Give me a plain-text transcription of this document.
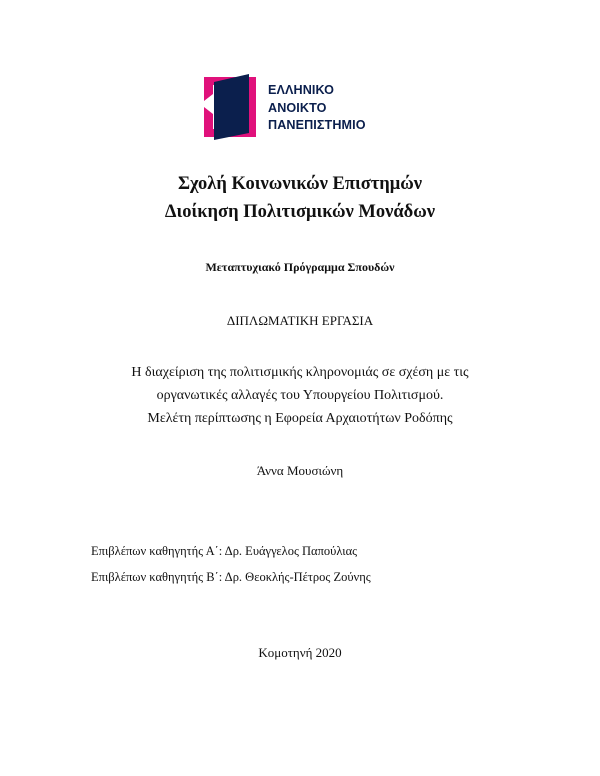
ΕΛΛΗΝΙΚΟ
ΑΝΟΙΚΤΟ
ΠΑΝΕΠΙΣΤΗΜΙΟ
Σχολή Κοινωνικών Επιστημών
Διοίκηση Πολιτισμικών Μονάδων
Μεταπτυχιακό Πρόγραμμα Σπουδών
ΔΙΠΛΩΜΑΤΙΚΗ ΕΡΓΑΣΙΑ
Η διαχείριση της πολιτισμικής κληρονομιάς σε σχέση με τις
οργανωτικές αλλαγές του Υπουργείου Πολιτισμού.
Μελέτη περίπτωσης η Εφορεία Αρχαιοτήτων Ροδόπης
Άννα Μουσιώνη
Επιβλέπων καθηγητής Α΄: Δρ. Ευάγγελος Παπούλιας
Επιβλέπων καθηγητής Β΄: Δρ. Θεοκλής-Πέτρος Ζούνης
Κομοτηνή 2020
